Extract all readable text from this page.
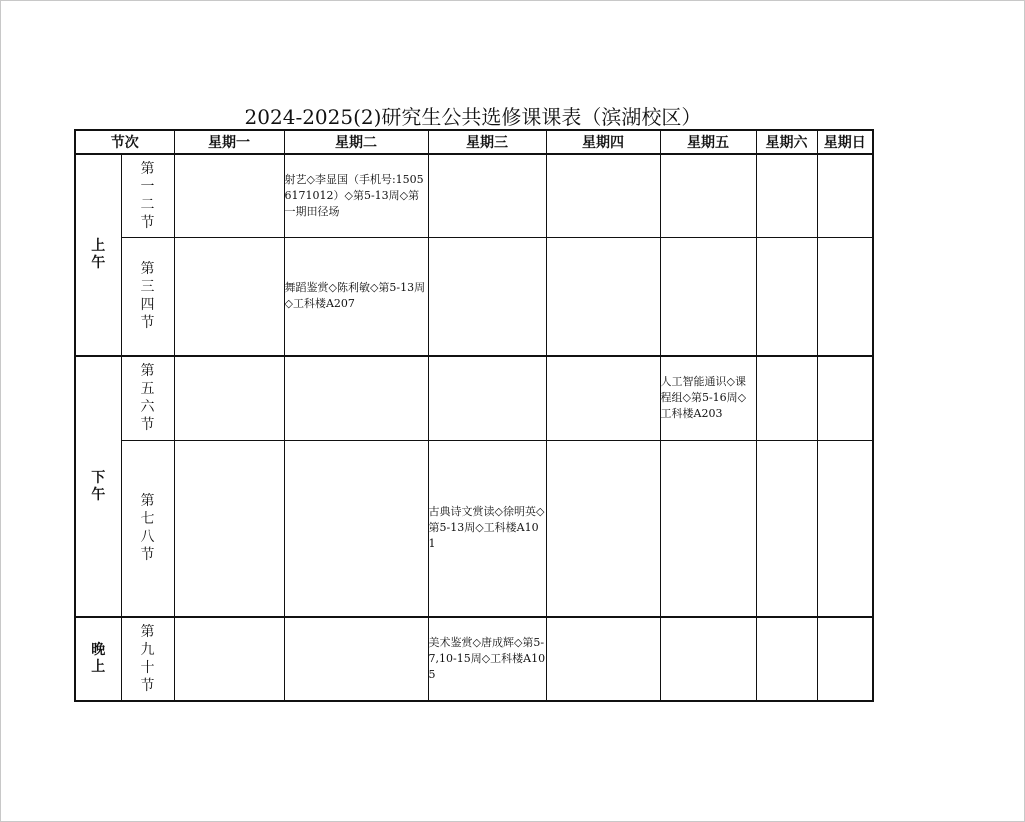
2024-2025(2)研究生公共选修课课表（滨湖校区）
节次		星期一	星期二	星期三	星期四	星期五	星期六	星期日
上午	第一二节		射艺◇李显国（手机号:15056171012）◇第5-13周◇第一期田径场					

	第三四节		舞蹈鉴赏◇陈利敏◇第5-13周◇工科楼A207					

下午	第五六节					人工智能通识◇课程组◇第5-16周◇工科楼A203		

	第七八节			古典诗文赏读◇徐明英◇第5-13周◇工科楼A101				

晚上	第九十节			美术鉴赏◇唐成辉◇第5-7,10-15周◇工科楼A105				
